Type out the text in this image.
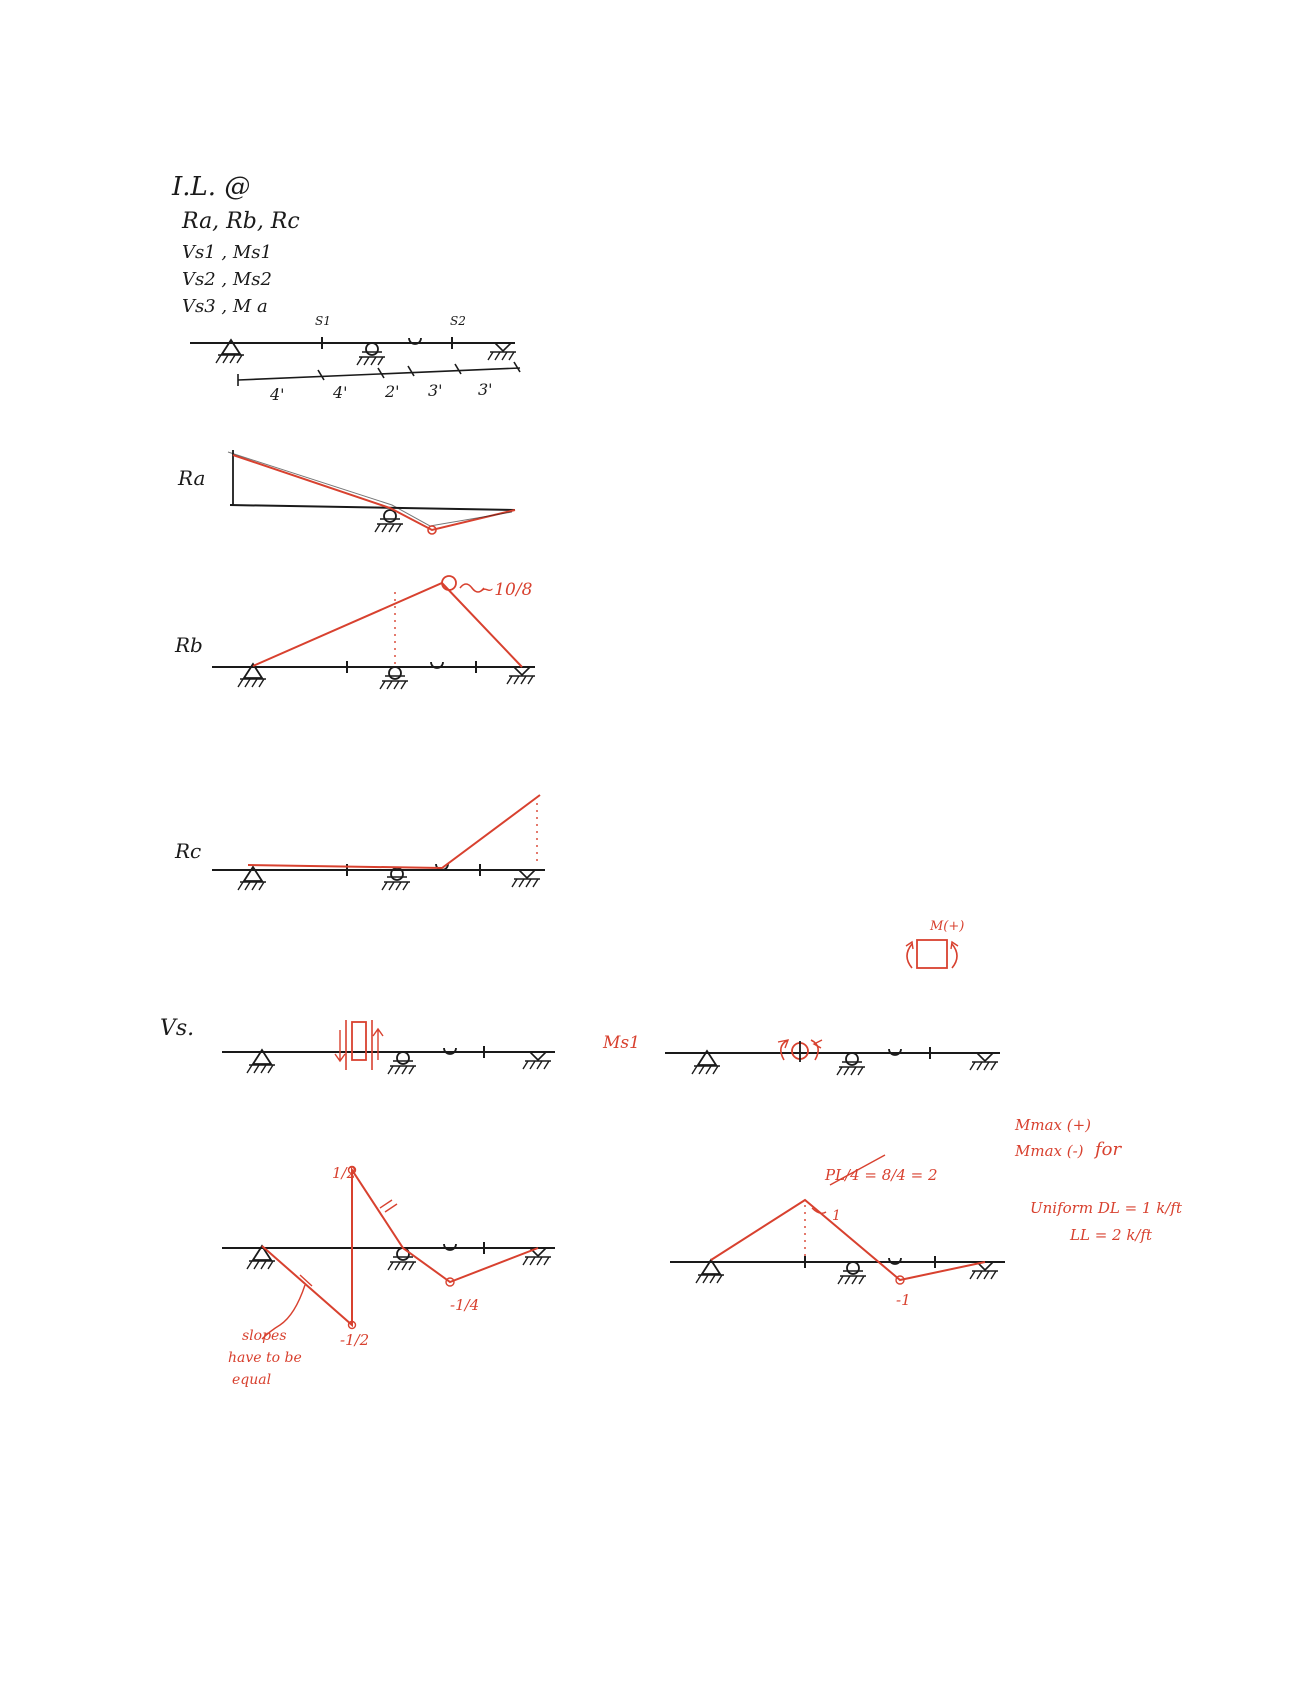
I.L. @
Ra, Rb, Rc
Vs1 , Ms1
Vs2 , Ms2
Vs3 , M a
S1	S2
4'	4' 2' 3' 3'
Ra
Rb
~10/8
Rc
M(+)
Vs.
Ms1
Mmax (+)
Mmax (-) for
Uniform DL = 1 k/ft
LL = 2 k/ft
1/2
-1/2
-1/4
slopes
have to be
equal
PL/4 = 8/4 = 2
1
-1
